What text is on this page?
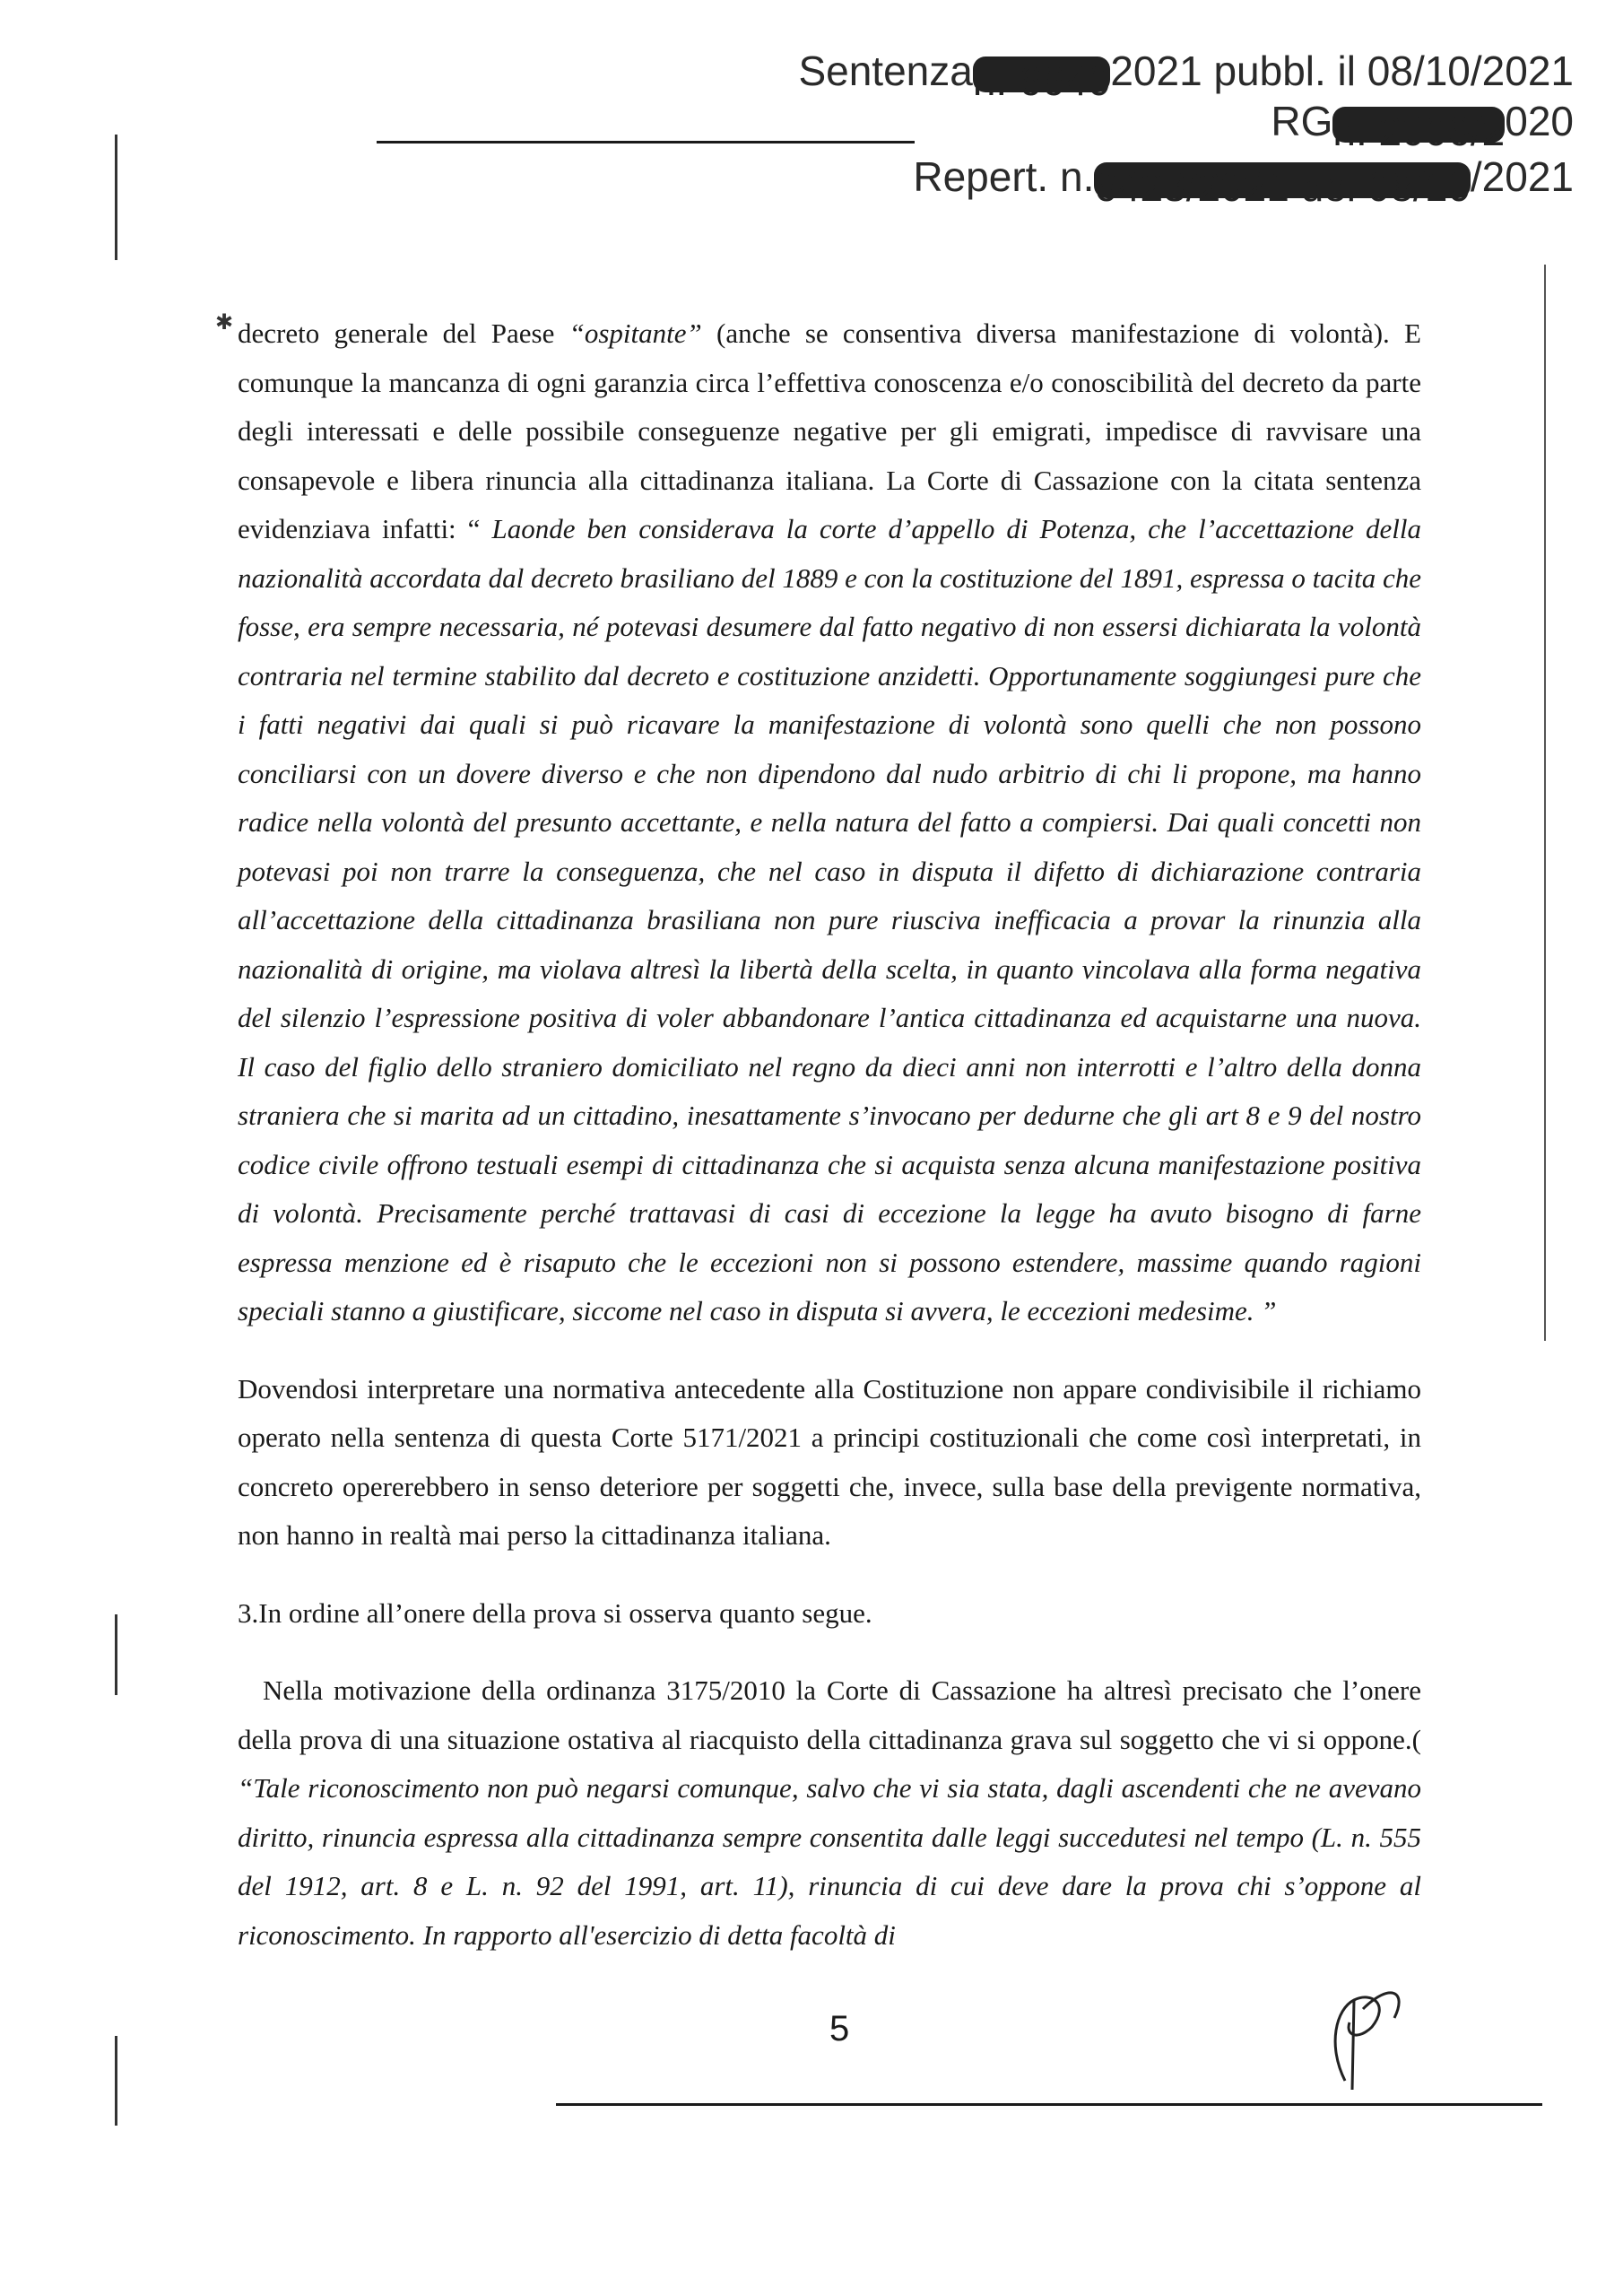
Sentenzan. 66402021 pubbl. il 08/10/2021
RGn. 2006/2020
Repert. n.6423/2021 del 08/10/2021
✱ decreto generale del Paese “ospitante” (anche se consentiva diversa manifestazione di volontà). E comunque la mancanza di ogni garanzia circa l’effettiva conoscenza e/o conoscibilità del decreto da parte degli interessati e delle possibile conseguenze negative per gli emigrati, impedisce di ravvisare una consapevole e libera rinuncia alla cittadinanza italiana. La Corte di Cassazione con la citata sentenza evidenziava infatti: “ Laonde ben considerava la corte d’appello di Potenza, che l’accettazione della nazionalità accordata dal decreto brasiliano del 1889 e con la costituzione del 1891, espressa o tacita che fosse, era sempre necessaria, né potevasi desumere dal fatto negativo di non essersi dichiarata la volontà contraria nel termine stabilito dal decreto e costituzione anzidetti. Opportunamente soggiungesi pure che i fatti negativi dai quali si può ricavare la manifestazione di volontà sono quelli che non possono conciliarsi con un dovere diverso e che non dipendono dal nudo arbitrio di chi li propone, ma hanno radice nella volontà del presunto accettante, e nella natura del fatto a compiersi. Dai quali concetti non potevasi poi non trarre la conseguenza, che nel caso in disputa il difetto di dichiarazione contraria all’accettazione della cittadinanza brasiliana non pure riusciva inefficacia a provar la rinunzia alla nazionalità di origine, ma violava altresì la libertà della scelta, in quanto vincolava alla forma negativa del silenzio l’espressione positiva di voler abbandonare l’antica cittadinanza ed acquistarne una nuova. Il caso del figlio dello straniero domiciliato nel regno da dieci anni non interrotti e l’altro della donna straniera che si marita ad un cittadino, inesattamente s’invocano per dedurne che gli art 8 e 9 del nostro codice civile offrono testuali esempi di cittadinanza che si acquista senza alcuna manifestazione positiva di volontà. Precisamente perché trattavasi di casi di eccezione la legge ha avuto bisogno di farne espressa menzione ed è risaputo che le eccezioni non si possono estendere, massime quando ragioni speciali stanno a giustificare, siccome nel caso in disputa si avvera, le eccezioni medesime. ”

Dovendosi interpretare una normativa antecedente alla Costituzione non appare condivisibile il richiamo operato nella sentenza di questa Corte 5171/2021 a principi costituzionali che come così interpretati, in concreto opererebbero in senso deteriore per soggetti che, invece, sulla base della previgente normativa, non hanno in realtà mai perso la cittadinanza italiana.

3.In ordine all’onere della prova si osserva quanto segue.

Nella motivazione della ordinanza 3175/2010 la Corte di Cassazione ha altresì precisato che l’onere della prova di una situazione ostativa al riacquisto della cittadinanza grava sul soggetto che vi si oppone.( “Tale riconoscimento non può negarsi comunque, salvo che vi sia stata, dagli ascendenti che ne avevano diritto, rinuncia espressa alla cittadinanza sempre consentita dalle leggi succedutesi nel tempo (L. n. 555 del 1912, art. 8 e L. n. 92 del 1991, art. 11), rinuncia di cui deve dare la prova chi s’oppone al riconoscimento. In rapporto all'esercizio di detta facoltà di

5
